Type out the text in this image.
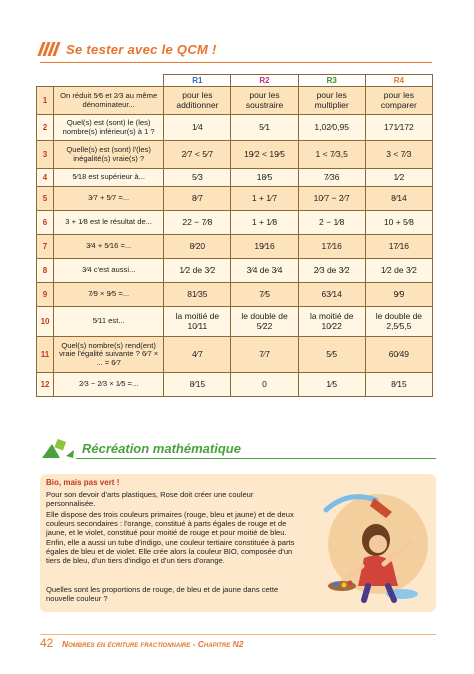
Se tester avec le QCM !
		R1	R2	R3	R4
1	On réduit 5⁄6 et 2⁄3 au même dénominateur...	pour les additionner	pour les soustraire	pour les multiplier	pour les comparer
2	Quel(s) est (sont) le (les) nombre(s) inférieur(s) à 1 ?	1⁄4	5⁄1	1,02⁄0,95	171⁄172
3	Quelle(s) est (sont) l'(les) inégalité(s) vraie(s) ?	2⁄7 < 5⁄7	19⁄2 < 19⁄5	1 < 7⁄3,5	3 < 7⁄3
4	5⁄18 est supérieur à...	5⁄3	18⁄5	7⁄36	1⁄2
5	3⁄7 + 5⁄7 =...	8⁄7	1 + 1⁄7	10⁄7 − 2⁄7	8⁄14
6	3 + 1⁄8 est le résultat de...	22 − 7⁄8	1 + 1⁄8	2 − 1⁄8	10 + 5⁄8
7	3⁄4 + 5⁄16 =...	8⁄20	19⁄16	17⁄16	17⁄16
8	3⁄4 c'est aussi...	1⁄2 de 3⁄2	3⁄4 de 3⁄4	2⁄3 de 3⁄2	1⁄2 de 3⁄2
9	7⁄9 × 9⁄5 =...	81⁄35	7⁄5	63⁄14	9⁄9
10	5⁄11 est...	la moitié de 10⁄11	le double de 5⁄22	la moitié de 10⁄22	le double de 2,5⁄5,5
11	Quel(s) nombre(s) rend(ent) vraie l'égalité suivante ? 6⁄7 × ... = 6⁄7	4⁄7	7⁄7	5⁄5	60⁄49
12	2⁄3 − 2⁄3 × 1⁄5 =...	8⁄15	0	1⁄5	8⁄15
Récréation mathématique
Bio, mais pas vert !
Pour son devoir d'arts plastiques, Rose doit créer une couleur personnalisée.
Elle dispose des trois couleurs primaires (rouge, bleu et jaune) et de deux couleurs secondaires : l'orange, constitué à parts égales de rouge et de jaune, et le violet, constitué pour moitié de rouge et pour moitié de bleu. Enfin, elle a aussi un tube d'indigo, une couleur tertiaire constituée à parts égales de bleu et de violet. Elle crée alors la couleur BIO, composée d'un tiers de bleu, d'un tiers d'indigo et d'un tiers d'orange.
Quelles sont les proportions de rouge, de bleu et de jaune dans cette nouvelle couleur ?
42 Nombres en écriture fractionnaire - Chapitre N2
